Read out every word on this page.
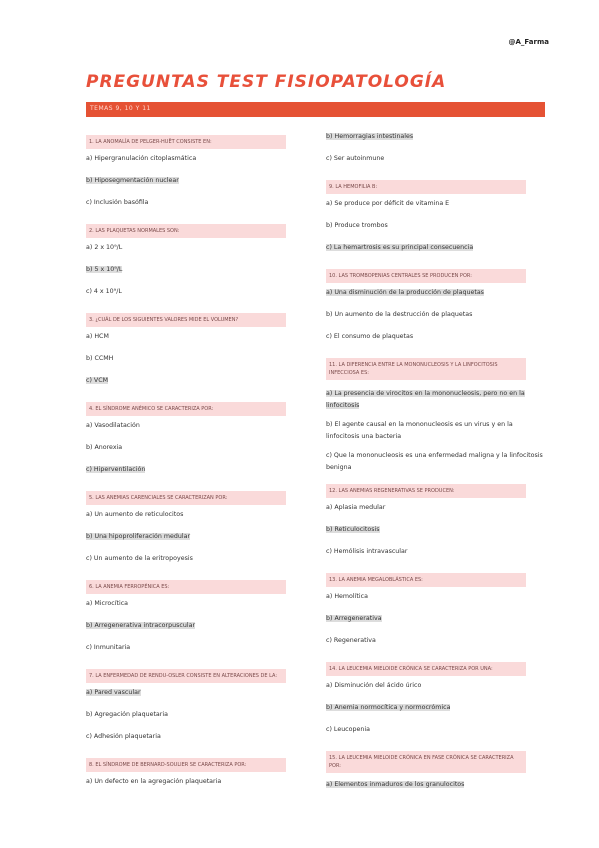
@A_Farma
PREGUNTAS TEST FISIOPATOLOGÍA
TEMAS 9, 10 Y 11
1. LA ANOMALÍA DE PELGER-HUËT CONSISTE EN:
a) Hipergranulación citoplasmática
b) Hiposegmentación nuclear
c) Inclusión basófila
2. LAS PLAQUETAS NORMALES SON:
a) 2 x 10⁹/L
b) 5 x 10⁹/L
c) 4 x 10⁹/L
3. ¿CUÁL DE LOS SIGUIENTES VALORES MIDE EL VOLUMEN?
a) HCM
b) CCMH
c) VCM
4. EL SÍNDROME ANÉMICO SE CARACTERIZA POR:
a) Vasodilatación
b) Anorexia
c) Hiperventilación
5. LAS ANEMIAS CARENCIALES SE CARACTERIZAN POR:
a) Un aumento de reticulocitos
b) Una hipoproliferación medular
c) Un aumento de la eritropoyesis
6. LA ANEMIA FERROPÉNICA ES:
a) Microcítica
b) Arregenerativa intracorpuscular
c) Inmunitaria
7. LA ENFERMEDAD DE RENDU-OSLER CONSISTE EN ALTERACIONES DE LA:
a) Pared vascular
b) Agregación plaquetaria
c) Adhesión plaquetaria
8. EL SÍNDROME DE BERNARD-SOULIER SE CARACTERIZA POR:
a) Un defecto en la agregación plaquetaria
b) Hemorragias intestinales
c) Ser autoinmune
9. LA HEMOFILIA B:
a) Se produce por déficit de vitamina E
b) Produce trombos
c) La hemartrosis es su principal consecuencia
10. LAS TROMBOPENIAS CENTRALES SE PRODUCEN POR:
a) Una disminución de la producción de plaquetas
b) Un aumento de la destrucción de plaquetas
c) El consumo de plaquetas
11. LA DIFERENCIA ENTRE LA MONONUCLEOSIS Y LA LINFOCITOSIS INFECCIOSA ES:
a) La presencia de virocitos en la mononucleosis, pero no en la linfocitosis
b) El agente causal en la mononucleosis es un virus y en la linfocitosis una bacteria
c) Que la mononucleosis es una enfermedad maligna y la linfocitosis benigna
12. LAS ANEMIAS REGENERATIVAS SE PRODUCEN:
a) Aplasia medular
b) Reticulocitosis
c) Hemólisis intravascular
13. LA ANEMIA MEGALOBLÁSTICA ES:
a) Hemolítica
b) Arregenerativa
c) Regenerativa
14. LA LEUCEMIA MIELOIDE CRÓNICA SE CARACTERIZA POR UNA:
a) Disminución del ácido úrico
b) Anemia normocítica y normocrómica
c) Leucopenia
15. LA LEUCEMIA MIELOIDE CRÓNICA EN FASE CRÓNICA SE CARACTERIZA POR:
a) Elementos inmaduros de los granulocitos
